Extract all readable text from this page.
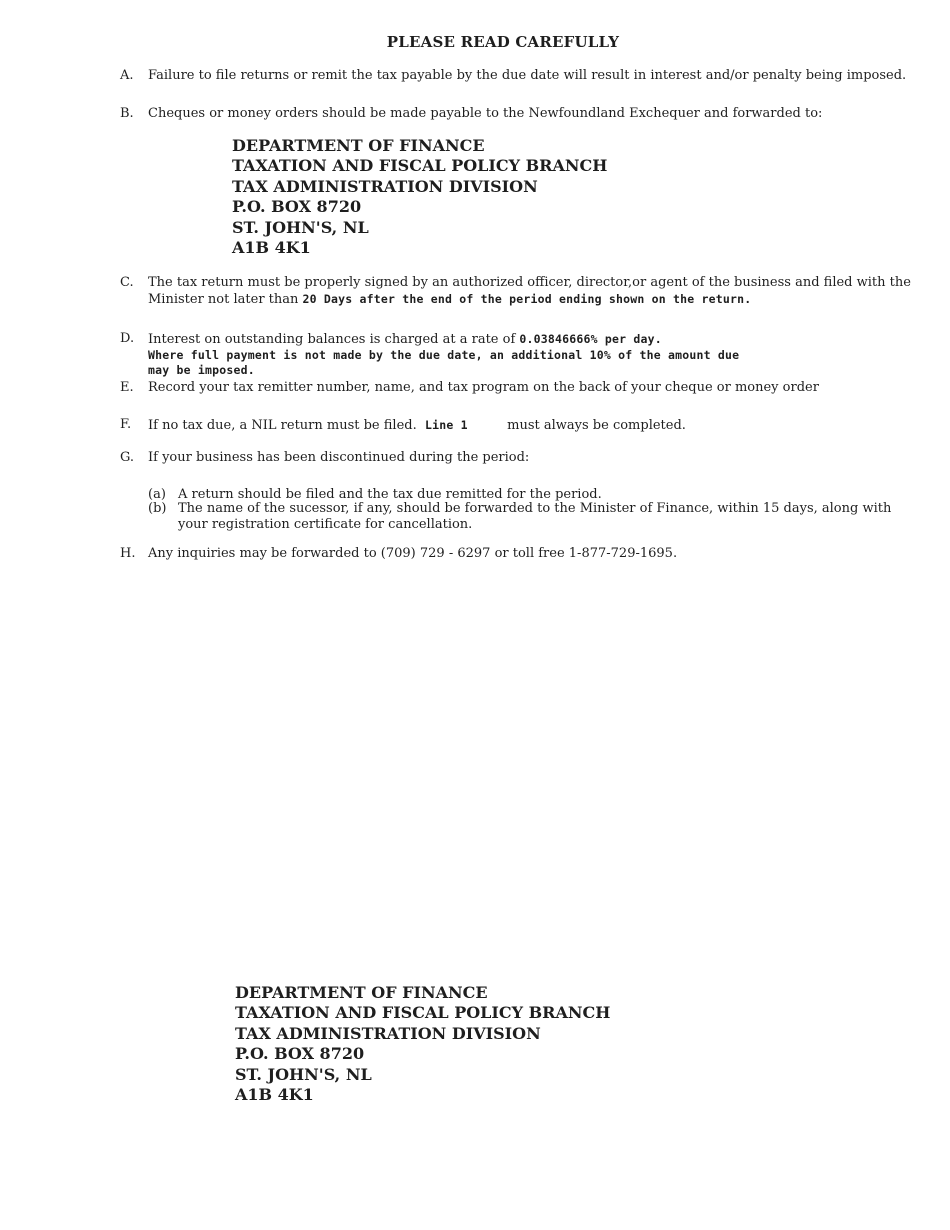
PLEASE READ CAREFULLY
A.	Failure to file returns or remit the tax payable by the due date will result in interest and/or penalty being imposed.
B.	Cheques or money orders should be made payable to the Newfoundland Exchequer and forwarded to:
DEPARTMENT OF FINANCE
TAXATION AND FISCAL POLICY BRANCH
TAX ADMINISTRATION DIVISION
P.O. BOX 8720
ST. JOHN'S, NL
A1B 4K1
C.	The tax return must be properly signed by an authorized officer, director,or agent of the business and filed with the Minister not later than 20 Days after the end of the period ending shown on the return.
D.	Interest on outstanding balances is charged at a rate of 0.03846666% per day.
Where full payment is not made by the due date, an additional 10% of the amount due
may be imposed.
E.	Record your tax remitter number, name, and tax program on the back of your cheque or money order
F.	If no tax due, a NIL return must be filed. Line 1	must always be completed.
G.	If your business has been discontinued during the period:
(a) A return should be filed and the tax due remitted for the period.
(b) The name of the sucessor, if any, should be forwarded to the Minister of Finance, within 15 days, along with your registration certificate for cancellation.
H. Any inquiries may be forwarded to (709) 729 - 6297 or toll free 1-877-729-1695.
DEPARTMENT OF FINANCE
TAXATION AND FISCAL POLICY BRANCH
TAX ADMINISTRATION DIVISION
P.O. BOX 8720
ST. JOHN'S, NL
A1B 4K1
